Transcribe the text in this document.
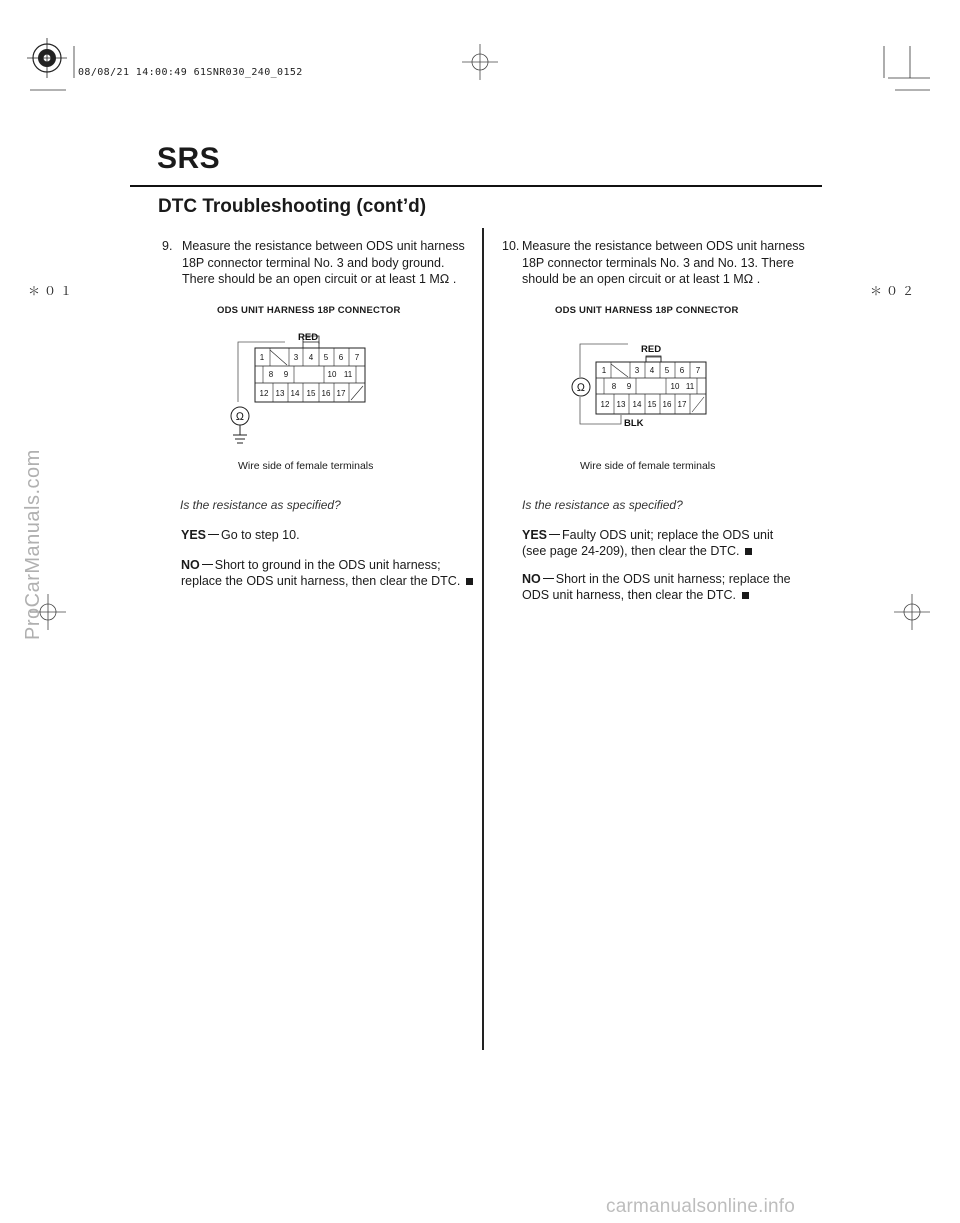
08/08/21 14:00:49 61SNR030_240_0152
SRS
DTC Troubleshooting (cont’d)
＊０１	＊０２
9. Measure the resistance between ODS unit harness
18P connector terminal No. 3 and body ground.
There should be an open circuit or at least 1 MΩ .
ODS UNIT HARNESS 18P CONNECTOR
RED
1	3 4 5 6 7
8 9	10 11
12 13 14 15 16 17
Ω
Wire side of female terminals
Is the resistance as specified?
YES Go to step 10.
NO Short to ground in the ODS unit harness;
replace the ODS unit harness, then clear the DTC.
10. Measure the resistance between ODS unit harness
18P connector terminals No. 3 and No. 13. There
should be an open circuit or at least 1 MΩ .
ODS UNIT HARNESS 18P CONNECTOR
RED
1	3 4 5 6 7
8 9	10 11
12 13 14 15 16 17
Ω
BLK
Wire side of female terminals
Is the resistance as specified?
YES Faulty ODS unit; replace the ODS unit
(see page 24-209), then clear the DTC.
NO Short in the ODS unit harness; replace the
ODS unit harness, then clear the DTC.
ProCarManuals.com
carmanualsonline.info
